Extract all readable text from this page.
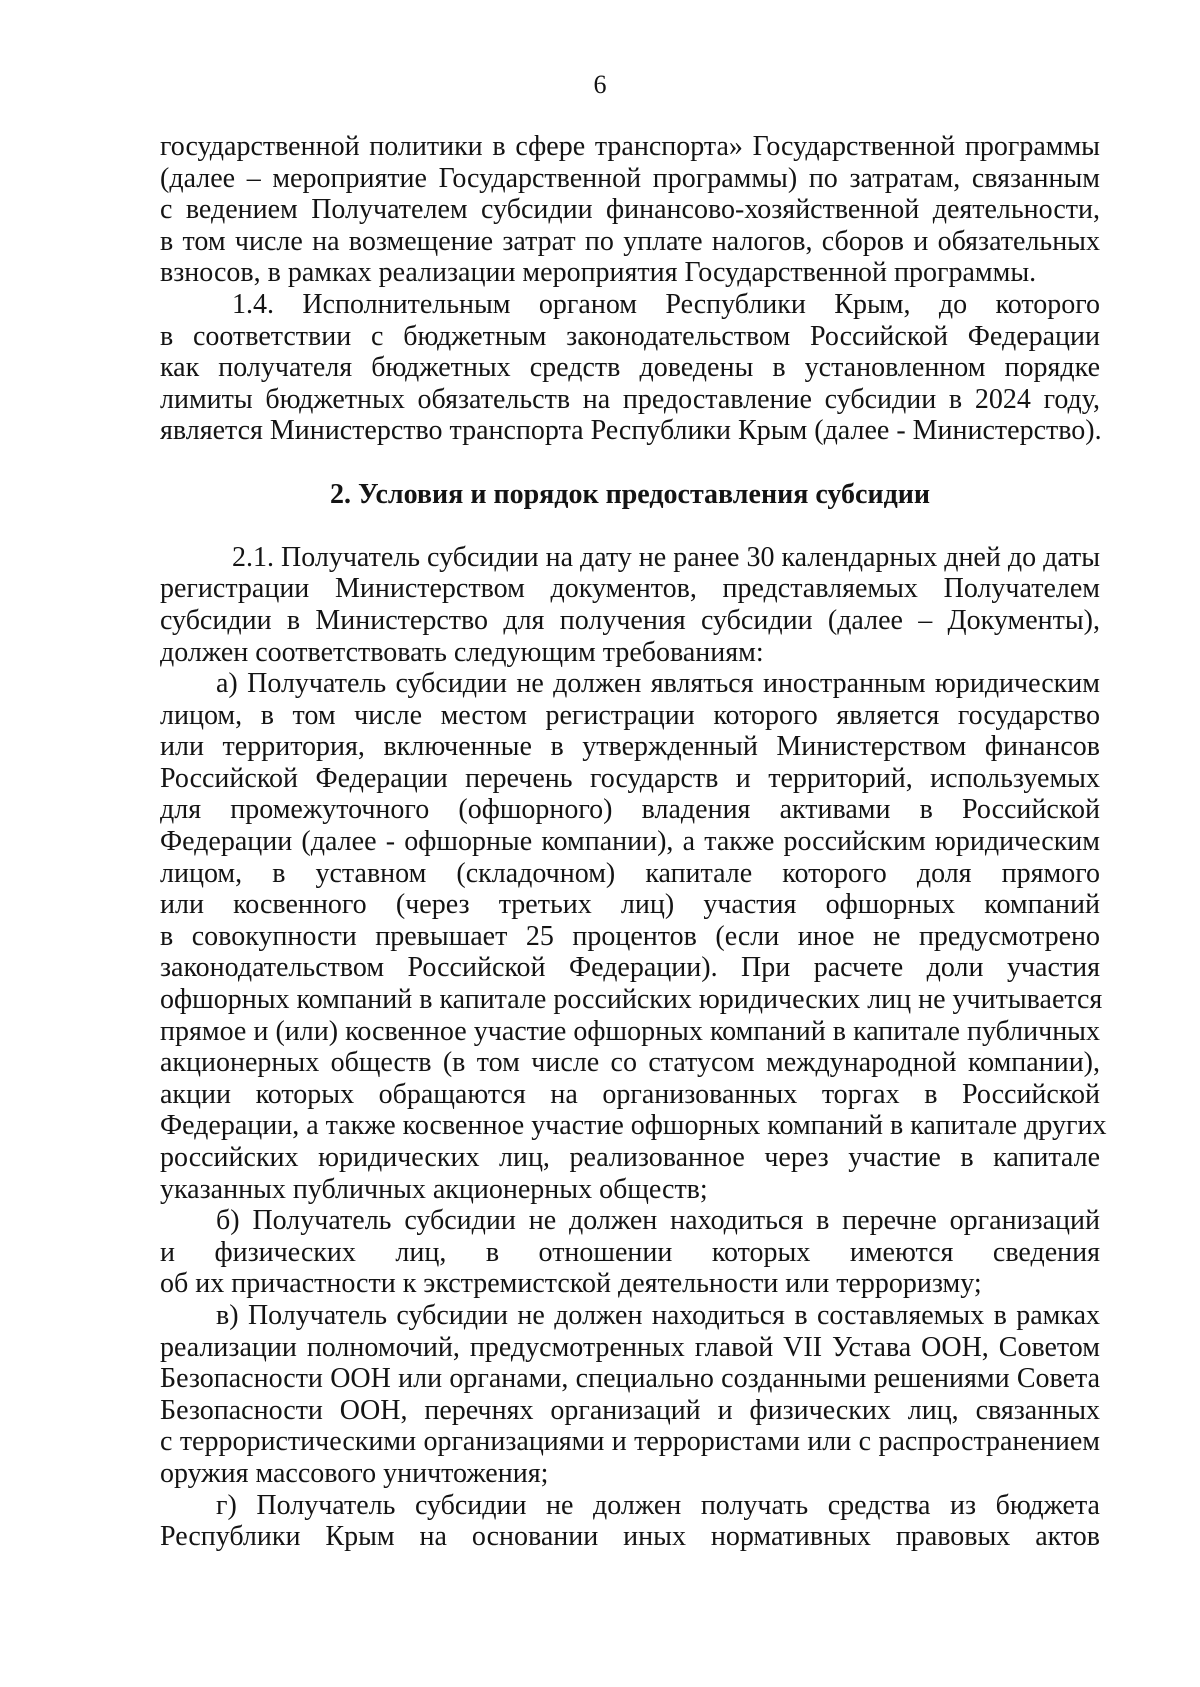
6
государственной политики в сфере транспорта» Государственной программы
(далее – мероприятие Государственной программы) по затратам, связанным
с ведением Получателем субсидии финансово-хозяйственной деятельности,
в том числе на возмещение затрат по уплате налогов, сборов и обязательных
взносов, в рамках реализации мероприятия Государственной программы.
1.4. Исполнительным органом Республики Крым, до которого
в соответствии с бюджетным законодательством Российской Федерации
как получателя бюджетных средств доведены в установленном порядке
лимиты бюджетных обязательств на предоставление субсидии в 2024 году,
является Министерство транспорта Республики Крым (далее - Министерство).
2. Условия и порядок предоставления субсидии
2.1. Получатель субсидии на дату не ранее 30 календарных дней до даты
регистрации Министерством документов, представляемых Получателем
субсидии в Министерство для получения субсидии (далее – Документы),
должен соответствовать следующим требованиям:
а) Получатель субсидии не должен являться иностранным юридическим
лицом, в том числе местом регистрации которого является государство
или территория, включенные в утвержденный Министерством финансов
Российской Федерации перечень государств и территорий, используемых
для промежуточного (офшорного) владения активами в Российской
Федерации (далее - офшорные компании), а также российским юридическим
лицом, в уставном (складочном) капитале которого доля прямого
или косвенного (через третьих лиц) участия офшорных компаний
в совокупности превышает 25 процентов (если иное не предусмотрено
законодательством Российской Федерации). При расчете доли участия
офшорных компаний в капитале российских юридических лиц не учитывается
прямое и (или) косвенное участие офшорных компаний в капитале публичных
акционерных обществ (в том числе со статусом международной компании),
акции которых обращаются на организованных торгах в Российской
Федерации, а также косвенное участие офшорных компаний в капитале других
российских юридических лиц, реализованное через участие в капитале
указанных публичных акционерных обществ;
б) Получатель субсидии не должен находиться в перечне организаций
и физических лиц, в отношении которых имеются сведения
об их причастности к экстремистской деятельности или терроризму;
в) Получатель субсидии не должен находиться в составляемых в рамках
реализации полномочий, предусмотренных главой VII Устава ООН, Советом
Безопасности ООН или органами, специально созданными решениями Совета
Безопасности ООН, перечнях организаций и физических лиц, связанных
с террористическими организациями и террористами или с распространением
оружия массового уничтожения;
г) Получатель субсидии не должен получать средства из бюджета
Республики Крым на основании иных нормативных правовых актов
